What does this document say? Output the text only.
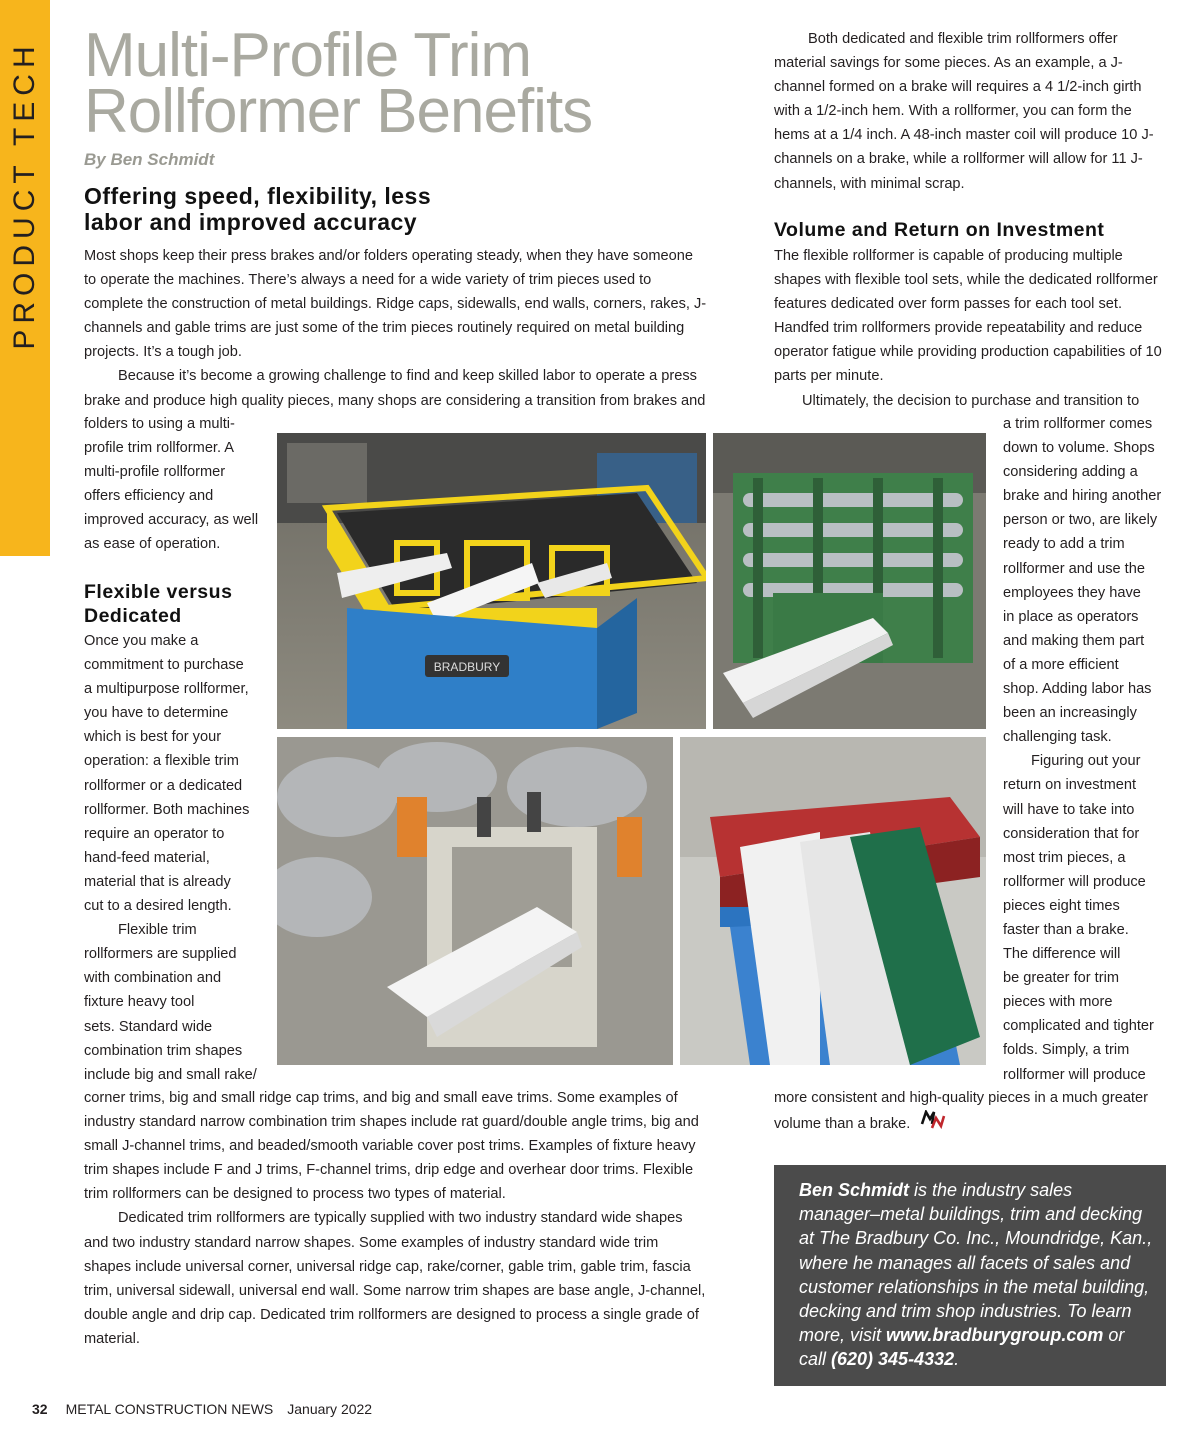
PRODUCT TECH Multi-Profile Trim
Rollformer Benefits
By Ben Schmidt
Offering speed, flexibility, less
labor and improved accuracy

Most shops keep their press brakes and/or folders operating steady, when they have someone to operate the machines. There’s always a need for a wide variety of trim pieces used to complete the construction of metal buildings. Ridge caps, sidewalls, end walls, corners, rakes, J-channels and gable trims are just some of the trim pieces routinely required on metal building projects. It’s a tough job.

Because it’s become a growing challenge to find and keep skilled labor to operate a press brake and produce high quality pieces, many shops are considering a transition from brakes and

folders to using a multi-
profile trim rollformer. A
multi-profile rollformer
offers efficiency and
improved accuracy, as well
as ease of operation.
Flexible versus
Dedicated
Once you make a
commitment to purchase
a multipurpose rollformer,
you have to determine
which is best for your
operation: a flexible trim
rollformer or a dedicated
rollformer. Both machines
require an operator to
hand-feed material,
material that is already
cut to a desired length.
Flexible trim
rollformers are supplied
with combination and
fixture heavy tool
sets. Standard wide
combination trim shapes
include big and small rake/

corner trims, big and small ridge cap trims, and big and small eave trims. Some examples of industry standard narrow combination trim shapes include rat guard/double angle trims, big and small J-channel trims, and beaded/smooth variable cover post trims. Examples of fixture heavy trim shapes include F and J trims, F-channel trims, drip edge and overhear door trims. Flexible trim rollformers can be designed to process two types of material.

Dedicated trim rollformers are typically supplied with two industry standard wide shapes and two industry standard narrow shapes. Some examples of industry standard wide trim shapes include universal corner, universal ridge cap, rake/corner, gable trim, gable trim, fascia trim, universal sidewall, universal end wall. Some narrow trim shapes are base angle, J-channel, double angle and drip cap. Dedicated trim rollformers are designed to process a single grade of material.

Both dedicated and flexible trim rollformers offer material savings for some pieces. As an example, a J-channel formed on a brake will requires a 4 1/2-inch girth with a 1/2-inch hem. With a rollformer, you can form the hems at a 1/4 inch. A 48-inch master coil will produce 10 J-channels on a brake, while a rollformer will allow for 11 J-channels, with minimal scrap.

Volume and Return on Investment

The flexible rollformer is capable of producing multiple shapes with flexible tool sets, while the dedicated rollformer features dedicated over form passes for each tool set. Handfed trim rollformers provide repeatability and reduce operator fatigue while providing production capabilities of 10 parts per minute.

Ultimately, the decision to purchase and transition to

a trim rollformer comes
down to volume. Shops
considering adding a
brake and hiring another
person or two, are likely
ready to add a trim
rollformer and use the
employees they have
in place as operators
and making them part
of a more efficient
shop. Adding labor has
been an increasingly
challenging task.
Figuring out your
return on investment
will have to take into
consideration that for
most trim pieces, a
rollformer will produce
pieces eight times
faster than a brake.
The difference will
be greater for trim
pieces with more
complicated and tighter
folds. Simply, a trim
rollformer will produce
more consistent and high-quality pieces in a much greater
volume than a brake.
BRADBURY
Ben Schmidt is the industry sales manager–metal buildings, trim and decking at The Bradbury Co. Inc., Moundridge, Kan., where he manages all facets of sales and customer relationships in the metal building, decking and trim shop industries. To learn more, visit www.bradburygroup.com or call (620) 345-4332.
32 METAL CONSTRUCTION NEWS January 2022
